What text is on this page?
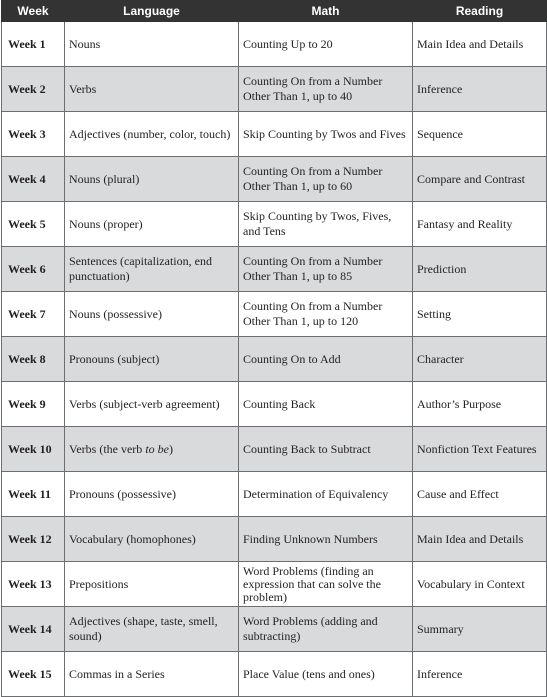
Week	Language	Math	Reading
Week 1	Nouns	Counting Up to 20	Main Idea and Details
Week 2	Verbs	Counting On from a Number Other Than 1, up to 40	Inference
Week 3	Adjectives (number, color, touch)	Skip Counting by Twos and Fives	Sequence
Week 4	Nouns (plural)	Counting On from a Number Other Than 1, up to 60	Compare and Contrast
Week 5	Nouns (proper)	Skip Counting by Twos, Fives, and Tens	Fantasy and Reality
Week 6	Sentences (capitalization, end punctuation)	Counting On from a Number Other Than 1, up to 85	Prediction
Week 7	Nouns (possessive)	Counting On from a Number Other Than 1, up to 120	Setting
Week 8	Pronouns (subject)	Counting On to Add	Character
Week 9	Verbs (subject-verb agreement)	Counting Back	Author’s Purpose
Week 10	Verbs (the verb to be)	Counting Back to Subtract	Nonfiction Text Features
Week 11	Pronouns (possessive)	Determination of Equivalency	Cause and Effect
Week 12	Vocabulary (homophones)	Finding Unknown Numbers	Main Idea and Details
Week 13	Prepositions	Word Problems (finding an expression that can solve the problem)	Vocabulary in Context
Week 14	Adjectives (shape, taste, smell, sound)	Word Problems (adding and subtracting)	Summary
Week 15	Commas in a Series	Place Value (tens and ones)	Inference
